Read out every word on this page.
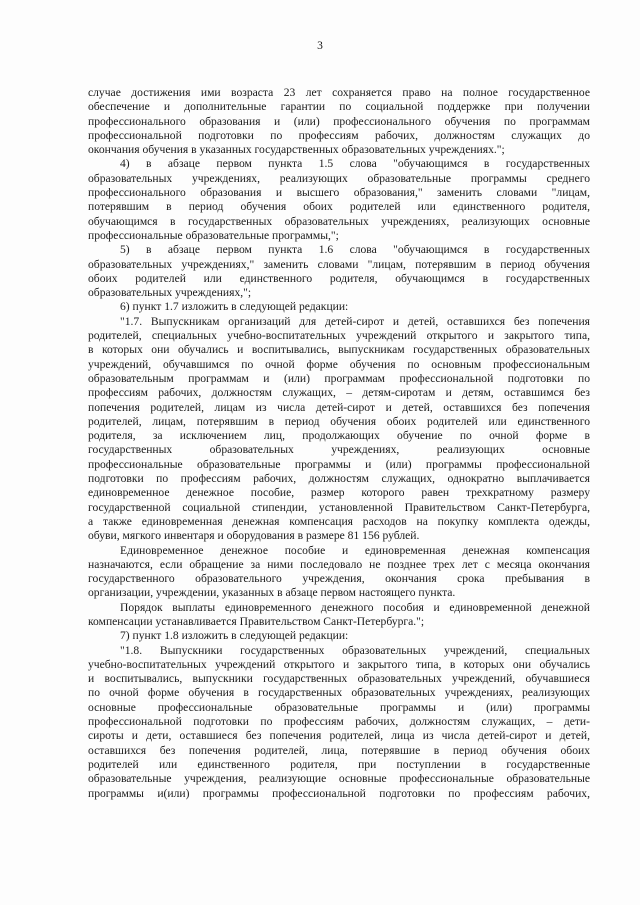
3

случае достижения ими возраста 23 лет сохраняется право на полное государственное

обеспечение и дополнительные гарантии по социальной поддержке при получении

профессионального образования и (или) профессионального обучения по программам

профессиональной подготовки по профессиям рабочих, должностям служащих до

окончания обучения в указанных государственных образовательных учреждениях.";

4) в абзаце первом пункта 1.5 слова "обучающимся в государственных

образовательных учреждениях, реализующих образовательные программы среднего

профессионального образования и высшего образования," заменить словами "лицам,

потерявшим в период обучения обоих родителей или единственного родителя,

обучающимся в государственных образовательных учреждениях, реализующих основные

профессиональные образовательные программы,";

5) в абзаце первом пункта 1.6 слова "обучающимся в государственных

образовательных учреждениях," заменить словами "лицам, потерявшим в период обучения

обоих родителей или единственного родителя, обучающимся в государственных

образовательных учреждениях,";

6) пункт 1.7 изложить в следующей редакции:

"1.7. Выпускникам организаций для детей-сирот и детей, оставшихся без попечения

родителей, специальных учебно-воспитательных учреждений открытого и закрытого типа,

в которых они обучались и воспитывались, выпускникам государственных образовательных

учреждений, обучавшимся по очной форме обучения по основным профессиональным

образовательным программам и (или) программам профессиональной подготовки по

профессиям рабочих, должностям служащих, – детям-сиротам и детям, оставшимся без

попечения родителей, лицам из числа детей-сирот и детей, оставшихся без попечения

родителей, лицам, потерявшим в период обучения обоих родителей или единственного

родителя, за исключением лиц, продолжающих обучение по очной форме в

государственных образовательных учреждениях, реализующих основные

профессиональные образовательные программы и (или) программы профессиональной

подготовки по профессиям рабочих, должностям служащих, однократно выплачивается

единовременное денежное пособие, размер которого равен трехкратному размеру

государственной социальной стипендии, установленной Правительством Санкт-Петербурга,

а также единовременная денежная компенсация расходов на покупку комплекта одежды,

обуви, мягкого инвентаря и оборудования в размере 81 156 рублей.

Единовременное денежное пособие и единовременная денежная компенсация

назначаются, если обращение за ними последовало не позднее трех лет с месяца окончания

государственного образовательного учреждения, окончания срока пребывания в

организации, учреждении, указанных в абзаце первом настоящего пункта.

Порядок выплаты единовременного денежного пособия и единовременной денежной

компенсации устанавливается Правительством Санкт-Петербурга.";

7) пункт 1.8 изложить в следующей редакции:

"1.8. Выпускники государственных образовательных учреждений, специальных

учебно-воспитательных учреждений открытого и закрытого типа, в которых они обучались

и воспитывались, выпускники государственных образовательных учреждений, обучавшиеся

по очной форме обучения в государственных образовательных учреждениях, реализующих

основные профессиональные образовательные программы и (или) программы

профессиональной подготовки по профессиям рабочих, должностям служащих, – дети-

сироты и дети, оставшиеся без попечения родителей, лица из числа детей-сирот и детей,

оставшихся без попечения родителей, лица, потерявшие в период обучения обоих

родителей или единственного родителя, при поступлении в государственные

образовательные учреждения, реализующие основные профессиональные образовательные

программы и(или) программы профессиональной подготовки по профессиям рабочих,
